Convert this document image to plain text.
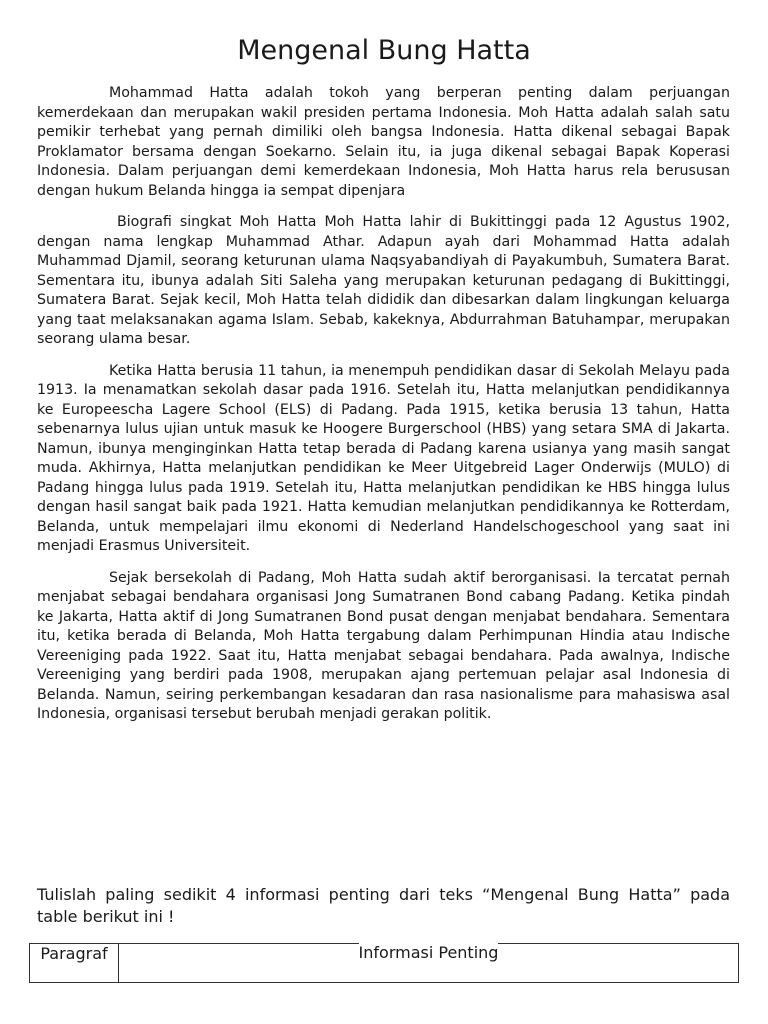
Mengenal Bung Hatta

Mohammad Hatta adalah tokoh yang berperan penting dalam perjuangan kemerdekaan dan merupakan wakil presiden pertama Indonesia. Moh Hatta adalah salah satu pemikir terhebat yang pernah dimiliki oleh bangsa Indonesia. Hatta dikenal sebagai Bapak Proklamator bersama dengan Soekarno. Selain itu, ia juga dikenal sebagai Bapak Koperasi Indonesia. Dalam perjuangan demi kemerdekaan Indonesia, Moh Hatta harus rela berususan dengan hukum Belanda hingga ia sempat dipenjara

Biografi singkat Moh Hatta Moh Hatta lahir di Bukittinggi pada 12 Agustus 1902, dengan nama lengkap Muhammad Athar. Adapun ayah dari Mohammad Hatta adalah Muhammad Djamil, seorang keturunan ulama Naqsyabandiyah di Payakumbuh, Sumatera Barat. Sementara itu, ibunya adalah Siti Saleha yang merupakan keturunan pedagang di Bukittinggi, Sumatera Barat. Sejak kecil, Moh Hatta telah dididik dan dibesarkan dalam lingkungan keluarga yang taat melaksanakan agama Islam. Sebab, kakeknya, Abdurrahman Batuhampar, merupakan seorang ulama besar.

Ketika Hatta berusia 11 tahun, ia menempuh pendidikan dasar di Sekolah Melayu pada 1913. Ia menamatkan sekolah dasar pada 1916. Setelah itu, Hatta melanjutkan pendidikannya ke Europeescha Lagere School (ELS) di Padang. Pada 1915, ketika berusia 13 tahun, Hatta sebenarnya lulus ujian untuk masuk ke Hoogere Burgerschool (HBS) yang setara SMA di Jakarta. Namun, ibunya menginginkan Hatta tetap berada di Padang karena usianya yang masih sangat muda. Akhirnya, Hatta melanjutkan pendidikan ke Meer Uitgebreid Lager Onderwijs (MULO) di Padang hingga lulus pada 1919. Setelah itu, Hatta melanjutkan pendidikan ke HBS hingga lulus dengan hasil sangat baik pada 1921. Hatta kemudian melanjutkan pendidikannya ke Rotterdam, Belanda, untuk mempelajari ilmu ekonomi di Nederland Handelschogeschool yang saat ini menjadi Erasmus Universiteit.

Sejak bersekolah di Padang, Moh Hatta sudah aktif berorganisasi. Ia tercatat pernah menjabat sebagai bendahara organisasi Jong Sumatranen Bond cabang Padang. Ketika pindah ke Jakarta, Hatta aktif di Jong Sumatranen Bond pusat dengan menjabat bendahara. Sementara itu, ketika berada di Belanda, Moh Hatta tergabung dalam Perhimpunan Hindia atau Indische Vereeniging pada 1922. Saat itu, Hatta menjabat sebagai bendahara. Pada awalnya, Indische Vereeniging yang berdiri pada 1908, merupakan ajang pertemuan pelajar asal Indonesia di Belanda. Namun, seiring perkembangan kesadaran dan rasa nasionalisme para mahasiswa asal Indonesia, organisasi tersebut berubah menjadi gerakan politik.

Tulislah paling sedikit 4 informasi penting dari teks “Mengenal Bung Hatta” pada table berikut ini !

Paragraf	Informasi Penting
